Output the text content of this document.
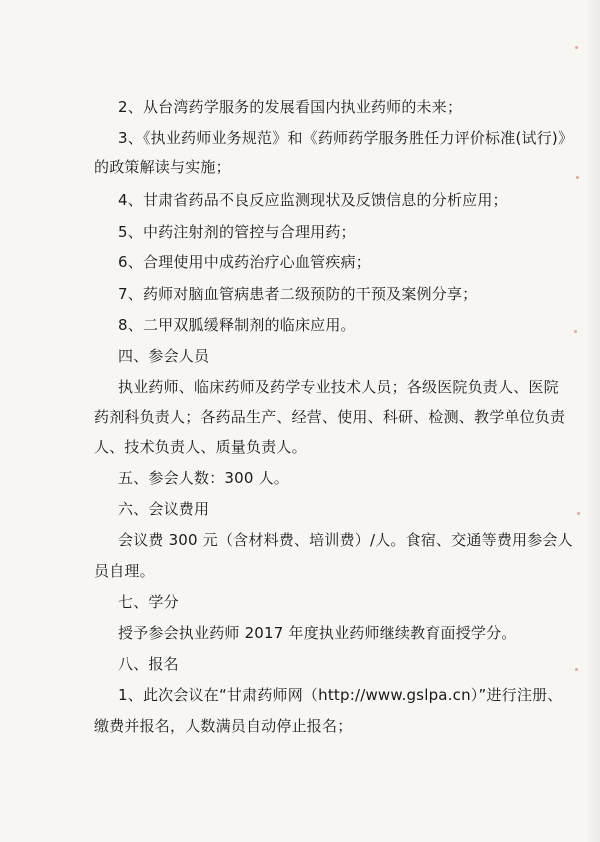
2、从台湾药学服务的发展看国内执业药师的未来；
3、《执业药师业务规范》和《药师药学服务胜任力评价标准(试行)》
的政策解读与实施；
4、甘肃省药品不良反应监测现状及反馈信息的分析应用；
5、中药注射剂的管控与合理用药；
6、合理使用中成药治疗心血管疾病；
7、药师对脑血管病患者二级预防的干预及案例分享；
8、二甲双胍缓释制剂的临床应用。
四、参会人员
执业药师、临床药师及药学专业技术人员；各级医院负责人、医院
药剂科负责人；各药品生产、经营、使用、科研、检测、教学单位负责
人、技术负责人、质量负责人。
五、参会人数：300 人。
六、会议费用
会议费 300 元（含材料费、培训费）/人。食宿、交通等费用参会人
员自理。
七、学分
授予参会执业药师 2017 年度执业药师继续教育面授学分。
八、报名
1、此次会议在“甘肃药师网（http://www.gslpa.cn）”进行注册、
缴费并报名，人数满员自动停止报名；
